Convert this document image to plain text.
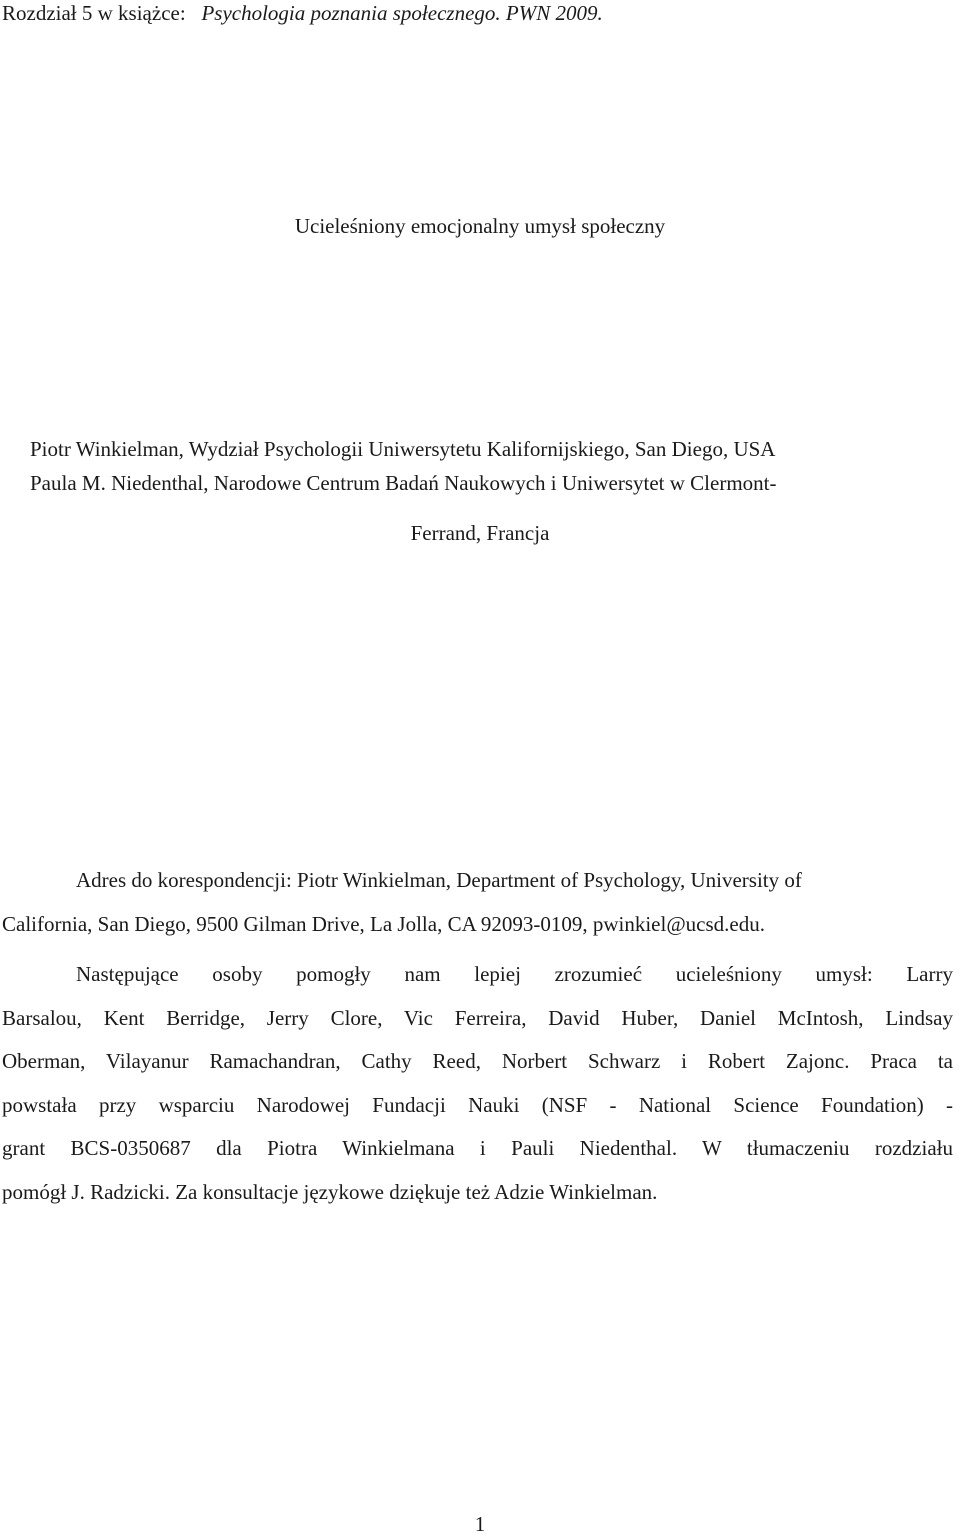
Rozdział 5 w książce: Psychologia poznania społecznego. PWN 2009.
Ucieleśniony emocjonalny umysł społeczny
Piotr Winkielman, Wydział Psychologii Uniwersytetu Kalifornijskiego, San Diego, USA
Paula M. Niedenthal, Narodowe Centrum Badań Naukowych i Uniwersytet w Clermont-
Ferrand, Francja
Adres do korespondencji: Piotr Winkielman, Department of Psychology, University of
California, San Diego, 9500 Gilman Drive, La Jolla, CA 92093-0109, pwinkiel@ucsd.edu.
Następujące osoby pomogły nam lepiej zrozumieć ucieleśniony umysł: Larry
Barsalou, Kent Berridge, Jerry Clore, Vic Ferreira, David Huber, Daniel McIntosh, Lindsay
Oberman, Vilayanur Ramachandran, Cathy Reed, Norbert Schwarz i Robert Zajonc. Praca ta
powstała przy wsparciu Narodowej Fundacji Nauki (NSF - National Science Foundation) -
grant BCS-0350687 dla Piotra Winkielmana i Pauli Niedenthal. W tłumaczeniu rozdziału
pomógł J. Radzicki. Za konsultacje językowe dziękuje też Adzie Winkielman.
1
